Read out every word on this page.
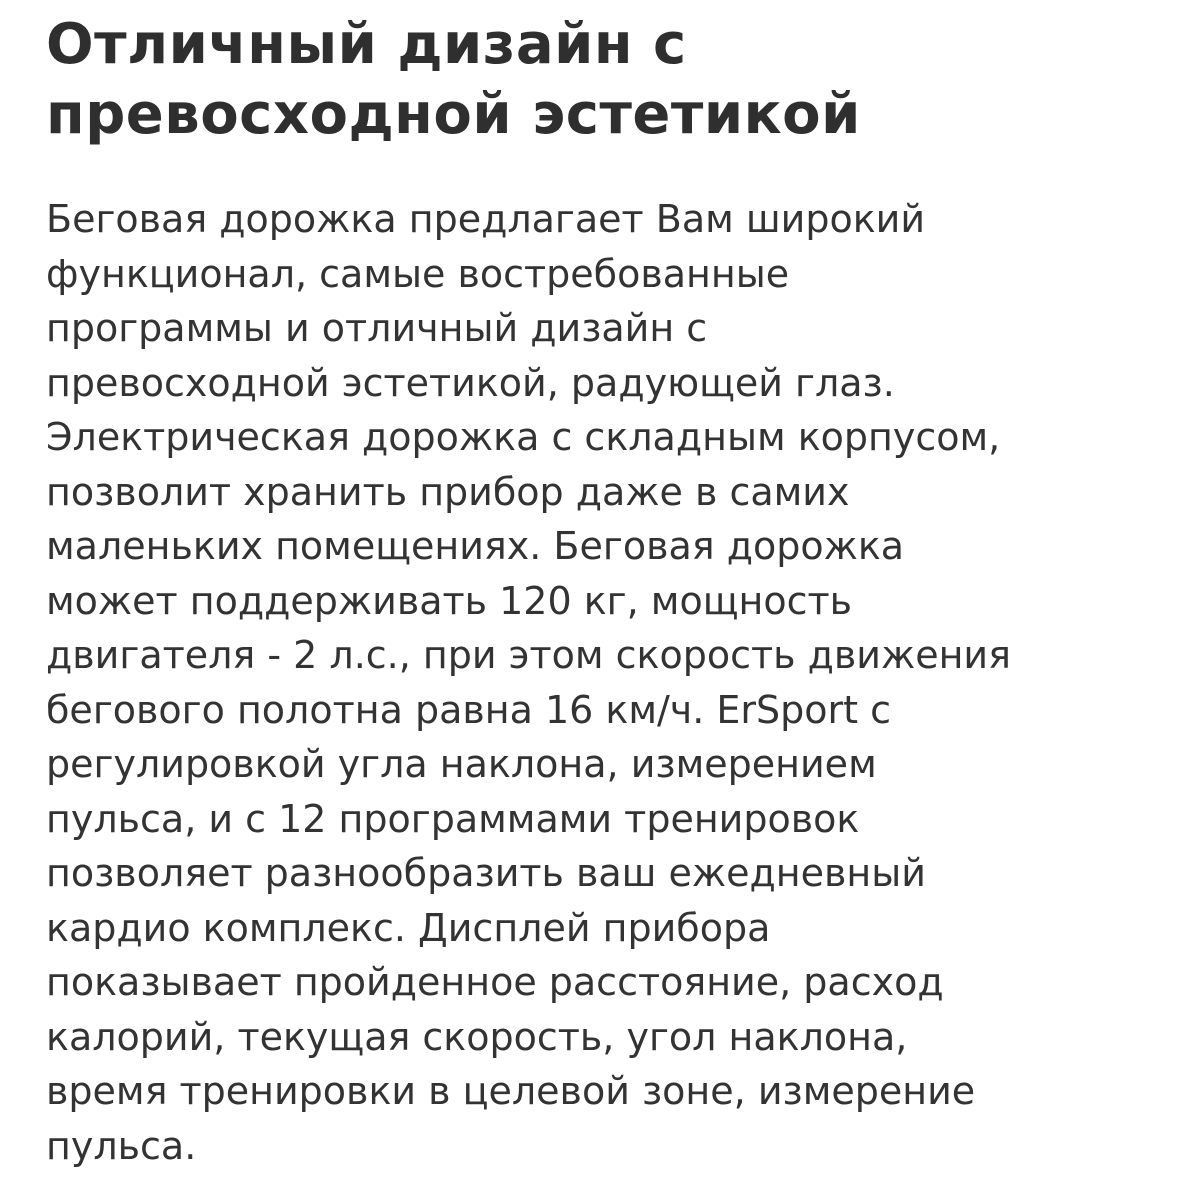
Отличный дизайн с
превосходной эстетикой

Беговая дорожка предлагает Вам широкий
функционал, самые востребованные
программы и отличный дизайн с
превосходной эстетикой, радующей глаз.
Электрическая дорожка с складным корпусом,
позволит хранить прибор даже в самих
маленьких помещениях. Беговая дорожка
может поддерживать 120 кг, мощность
двигателя - 2 л.с., при этом скорость движения
бегового полотна равна 16 км/ч. ErSport с
регулировкой угла наклона, измерением
пульса, и с 12 программами тренировок
позволяет разнообразить ваш ежедневный
кардио комплекс. Дисплей прибора
показывает пройденное расстояние, расход
калорий, текущая скорость, угол наклона,
время тренировки в целевой зоне, измерение
пульса.
